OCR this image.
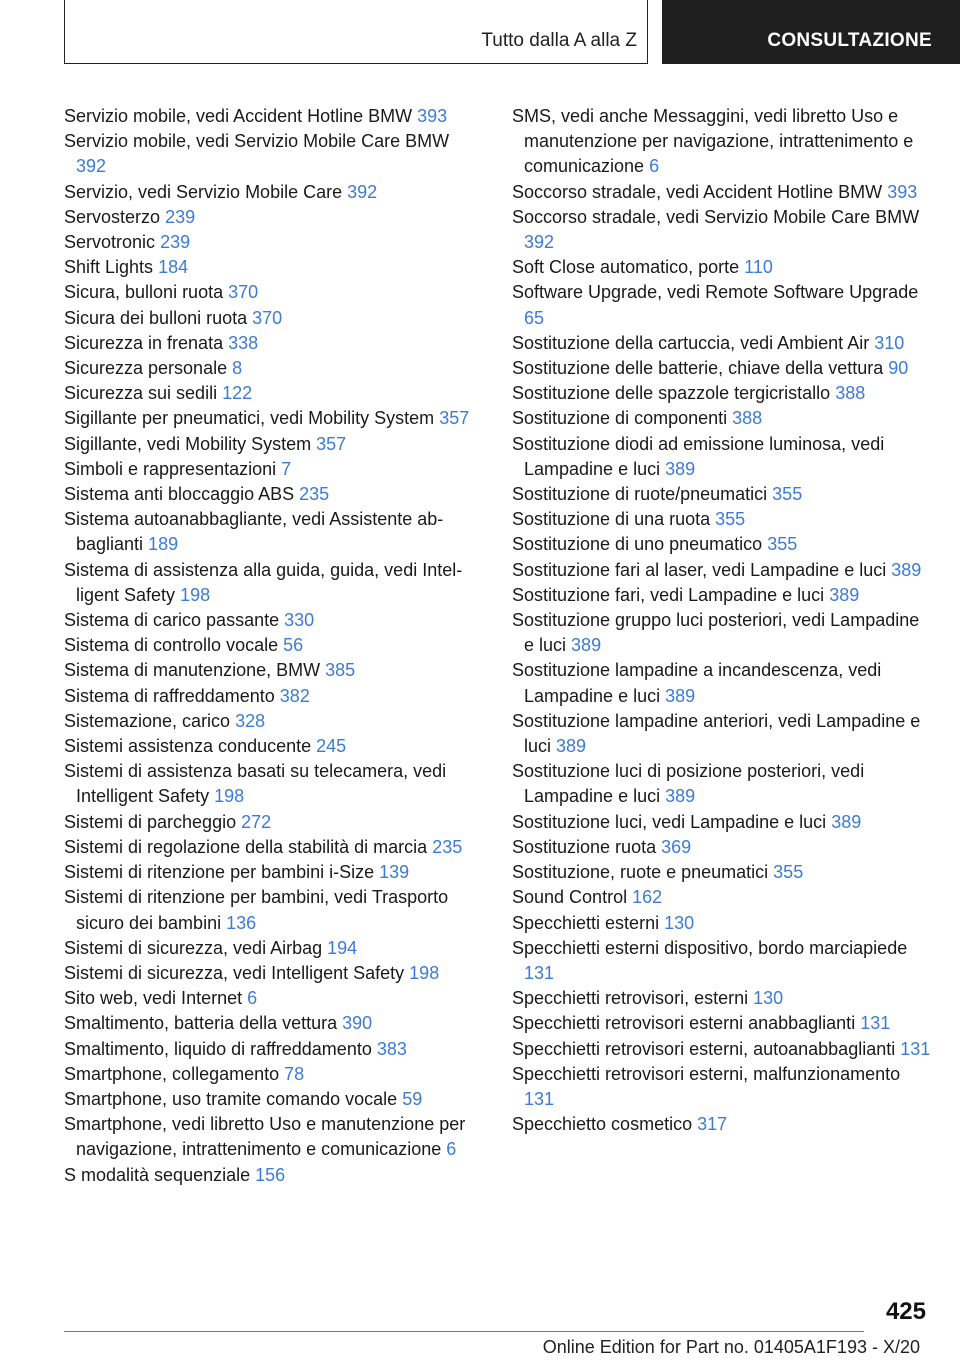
Tutto dalla A alla Z	CONSULTAZIONE
Servizio mobile, vedi Accident Hotline BMW 393
Servizio mobile, vedi Servizio Mobile Care BMW 392
Servizio, vedi Servizio Mobile Care 392
Servosterzo 239
Servotronic 239
Shift Lights 184
Sicura, bulloni ruota 370
Sicura dei bulloni ruota 370
Sicurezza in frenata 338
Sicurezza personale 8
Sicurezza sui sedili 122
Sigillante per pneumatici, vedi Mobility System 357
Sigillante, vedi Mobility System 357
Simboli e rappresentazioni 7
Sistema anti bloccaggio ABS 235
Sistema autoanabbagliante, vedi Assistente abbaglianti 189
Sistema di assistenza alla guida, guida, vedi Intelligent Safety 198
Sistema di carico passante 330
Sistema di controllo vocale 56
Sistema di manutenzione, BMW 385
Sistema di raffreddamento 382
Sistemazione, carico 328
Sistemi assistenza conducente 245
Sistemi di assistenza basati su telecamera, vedi Intelligent Safety 198
Sistemi di parcheggio 272
Sistemi di regolazione della stabilità di marcia 235
Sistemi di ritenzione per bambini i-Size 139
Sistemi di ritenzione per bambini, vedi Trasporto sicuro dei bambini 136
Sistemi di sicurezza, vedi Airbag 194
Sistemi di sicurezza, vedi Intelligent Safety 198
Sito web, vedi Internet 6
Smaltimento, batteria della vettura 390
Smaltimento, liquido di raffreddamento 383
Smartphone, collegamento 78
Smartphone, uso tramite comando vocale 59
Smartphone, vedi libretto Uso e manutenzione per navigazione, intrattenimento e comunicazione 6
S modalità sequenziale 156
SMS, vedi anche Messaggini, vedi libretto Uso e manutenzione per navigazione, intrattenimento e comunicazione 6
Soccorso stradale, vedi Accident Hotline BMW 393
Soccorso stradale, vedi Servizio Mobile Care BMW 392
Soft Close automatico, porte 110
Software Upgrade, vedi Remote Software Upgrade 65
Sostituzione della cartuccia, vedi Ambient Air 310
Sostituzione delle batterie, chiave della vettura 90
Sostituzione delle spazzole tergicristallo 388
Sostituzione di componenti 388
Sostituzione diodi ad emissione luminosa, vedi Lampadine e luci 389
Sostituzione di ruote/pneumatici 355
Sostituzione di una ruota 355
Sostituzione di uno pneumatico 355
Sostituzione fari al laser, vedi Lampadine e luci 389
Sostituzione fari, vedi Lampadine e luci 389
Sostituzione gruppo luci posteriori, vedi Lampadine e luci 389
Sostituzione lampadine a incandescenza, vedi Lampadine e luci 389
Sostituzione lampadine anteriori, vedi Lampadine e luci 389
Sostituzione luci di posizione posteriori, vedi Lampadine e luci 389
Sostituzione luci, vedi Lampadine e luci 389
Sostituzione ruota 369
Sostituzione, ruote e pneumatici 355
Sound Control 162
Specchietti esterni 130
Specchietti esterni dispositivo, bordo marciapiede 131
Specchietti retrovisori, esterni 130
Specchietti retrovisori esterni anabbaglianti 131
Specchietti retrovisori esterni, autoanabbaglianti 131
Specchietti retrovisori esterni, malfunzionamento 131
Specchietto cosmetico 317
425
Online Edition for Part no. 01405A1F193 - X/20
